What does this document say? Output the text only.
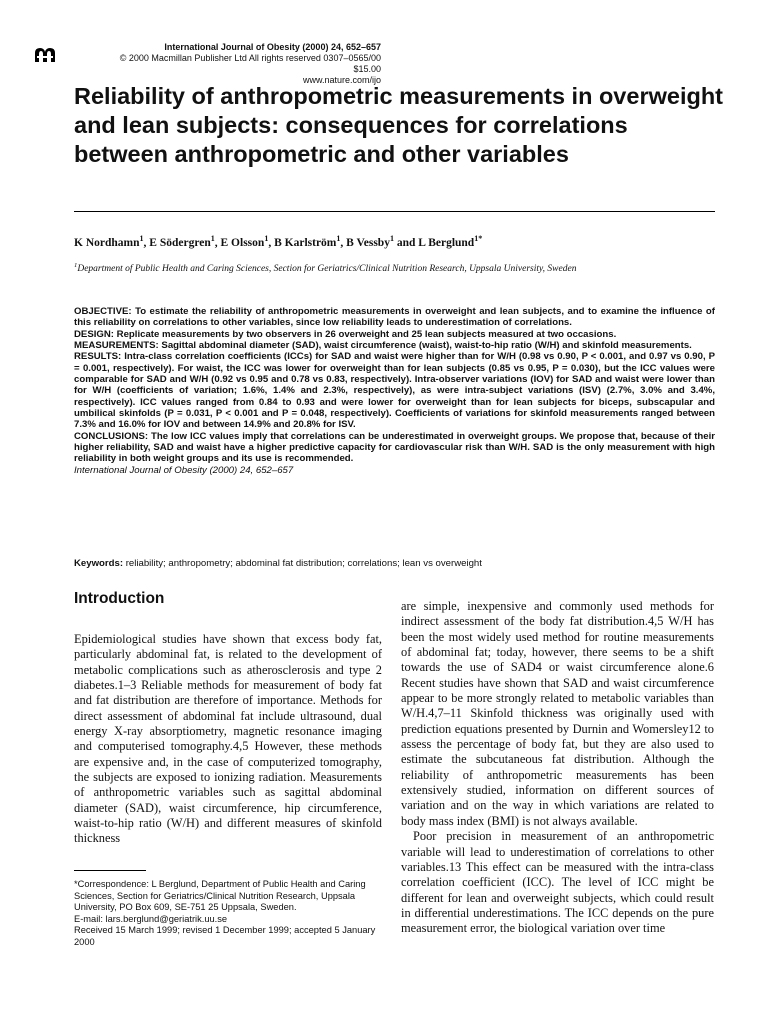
International Journal of Obesity (2000) 24, 652–657
© 2000 Macmillan Publisher Ltd All rights reserved 0307–0565/00 $15.00
www.nature.com/ijo
Reliability of anthropometric measurements in overweight and lean subjects: consequences for correlations between anthropometric and other variables
K Nordhamn$^1$, E Södergren$^1$, E Olsson$^1$, B Karlström$^1$, B Vessby$^1$ and L Berglund$^{1*}$
$^1$Department of Public Health and Caring Sciences, Section for Geriatrics/Clinical Nutrition Research, Uppsala University, Sweden

OBJECTIVE: To estimate the reliability of anthropometric measurements in overweight and lean subjects, and to examine the influence of this reliability on correlations to other variables, since low reliability leads to underestimation of correlations.

DESIGN: Replicate measurements by two observers in 26 overweight and 25 lean subjects measured at two occasions.

MEASUREMENTS: Sagittal abdominal diameter (SAD), waist circumference (waist), waist-to-hip ratio (W/H) and skinfold measurements.

RESULTS: Intra-class correlation coefficients (ICCs) for SAD and waist were higher than for W/H (0.98 vs 0.90, P < 0.001, and 0.97 vs 0.90, P = 0.001, respectively). For waist, the ICC was lower for overweight than for lean subjects (0.85 vs 0.95, P = 0.030), but the ICC values were comparable for SAD and W/H (0.92 vs 0.95 and 0.78 vs 0.83, respectively). Intra-observer variations (IOV) for SAD and waist were lower than for W/H (coefficients of variation; 1.6%, 1.4% and 2.3%, respectively), as were intra-subject variations (ISV) (2.7%, 3.0% and 3.4%, respectively). ICC values ranged from 0.84 to 0.93 and were lower for overweight than for lean subjects for biceps, subscapular and umbilical skinfolds (P = 0.031, P < 0.001 and P = 0.048, respectively). Coefficients of variations for skinfold measurements ranged between 7.3% and 16.0% for IOV and between 14.9% and 20.8% for ISV.

CONCLUSIONS: The low ICC values imply that correlations can be underestimated in overweight groups. We propose that, because of their higher reliability, SAD and waist have a higher predictive capacity for cardiovascular risk than W/H. SAD is the only measurement with high reliability in both weight groups and its use is recommended.

International Journal of Obesity (2000) 24, 652–657

Keywords: reliability; anthropometry; abdominal fat distribution; correlations; lean vs overweight
Introduction

Epidemiological studies have shown that excess body fat, particularly abdominal fat, is related to the development of metabolic complications such as atherosclerosis and type 2 diabetes.1–3 Reliable methods for measurement of body fat and fat distribution are therefore of importance. Methods for direct assessment of abdominal fat include ultrasound, dual energy X-ray absorptiometry, magnetic resonance imaging and computerised tomography.4,5 However, these methods are expensive and, in the case of computerized tomography, the subjects are exposed to ionizing radiation. Measurements of anthropometric variables such as sagittal abdominal diameter (SAD), waist circumference, hip circumference, waist-to-hip ratio (W/H) and different measures of skinfold thickness

are simple, inexpensive and commonly used methods for indirect assessment of the body fat distribution.4,5 W/H has been the most widely used method for routine measurements of abdominal fat; today, however, there seems to be a shift towards the use of SAD4 or waist circumference alone.6 Recent studies have shown that SAD and waist circumference appear to be more strongly related to metabolic variables than W/H.4,7–11 Skinfold thickness was originally used with prediction equations presented by Durnin and Womersley12 to assess the percentage of body fat, but they are also used to estimate the subcutaneous fat distribution. Although the reliability of anthropometric measurements has been extensively studied, information on different sources of variation and on the way in which variations are related to body mass index (BMI) is not always available.

Poor precision in measurement of an anthropometric variable will lead to underestimation of correlations to other variables.13 This effect can be measured with the intra-class correlation coefficient (ICC). The level of ICC might be different for lean and overweight subjects, which could result in differential underestimations. The ICC depends on the pure measurement error, the biological variation over time

*Correspondence: L Berglund, Department of Public Health and Caring Sciences, Section for Geriatrics/Clinical Nutrition Research, Uppsala University, PO Box 609, SE-751 25 Uppsala, Sweden.

E-mail: lars.berglund@geriatrik.uu.se

Received 15 March 1999; revised 1 December 1999; accepted 5 January 2000
